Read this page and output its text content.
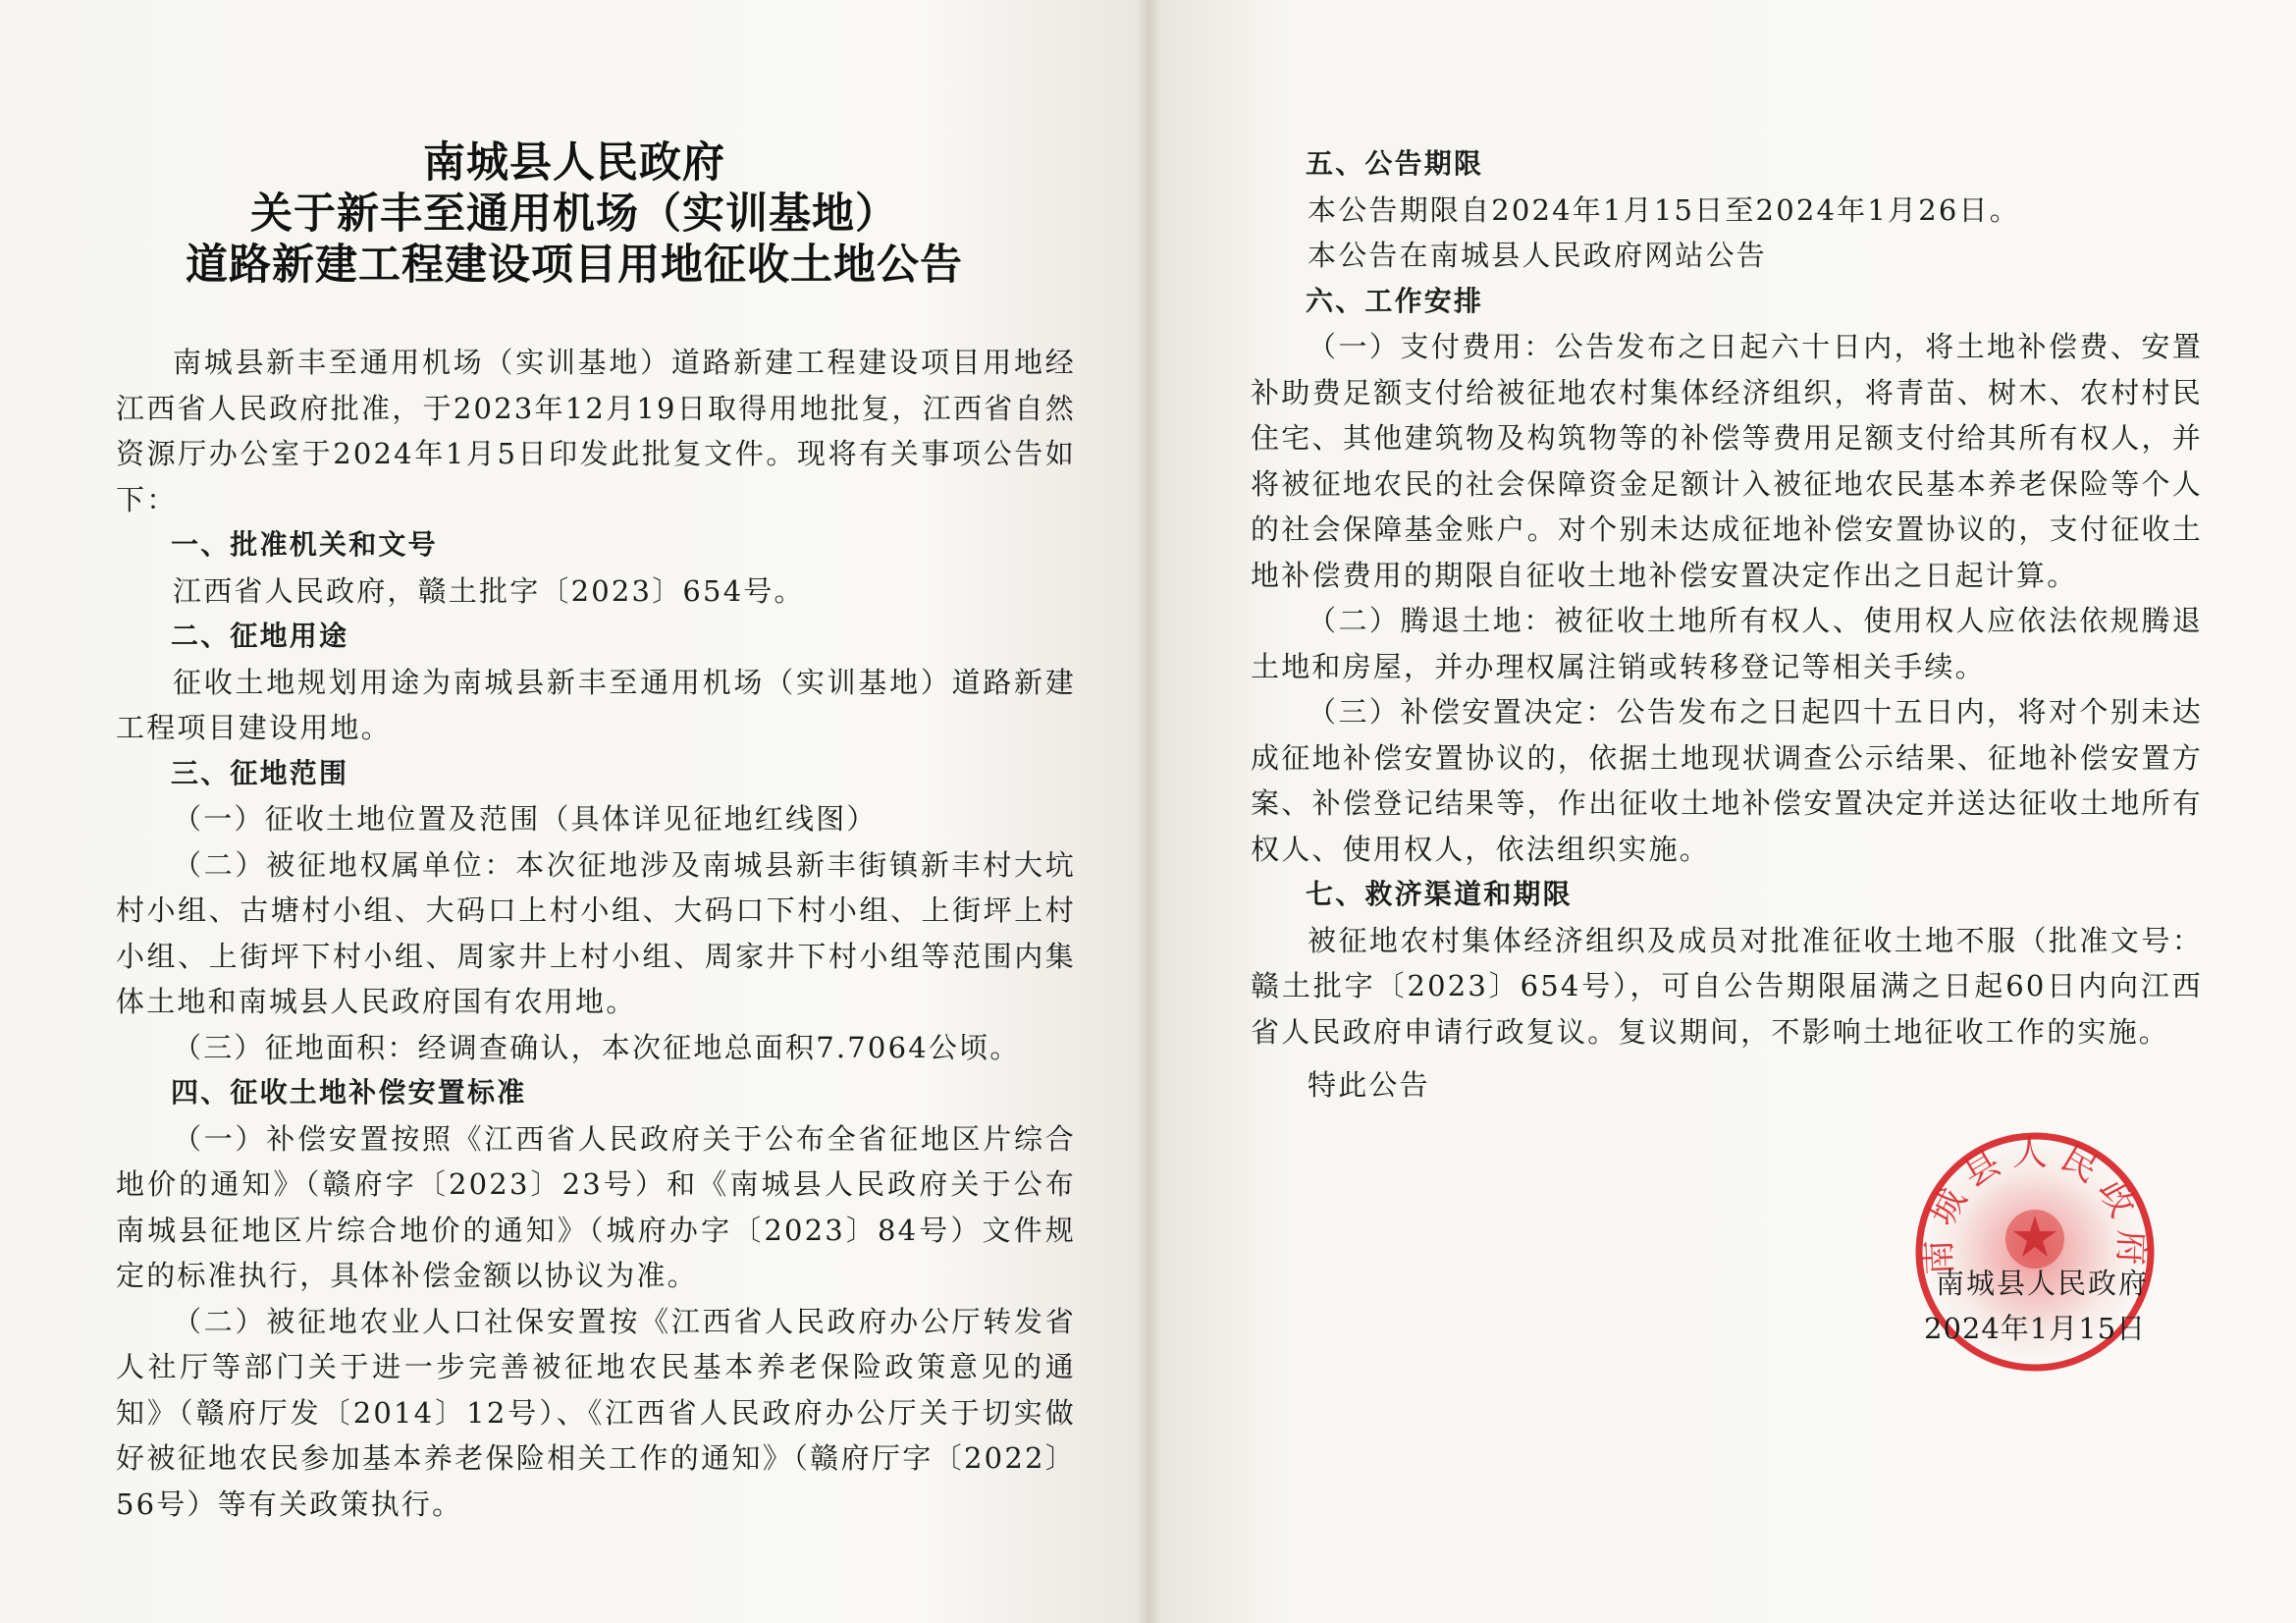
南城县人民政府
关于新丰至通用机场（实训基地）
道路新建工程建设项目用地征收土地公告

南城县新丰至通用机场（实训基地）道路新建工程建设项目用地经江西省人民政府批准，于2023年12月19日取得用地批复，江西省自然资源厅办公室于2024年1月5日印发此批复文件。现将有关事项公告如下：

一、批准机关和文号

江西省人民政府，赣土批字〔2023〕654号。

二、征地用途

征收土地规划用途为南城县新丰至通用机场（实训基地）道路新建工程项目建设用地。

三、征地范围

（一）征收土地位置及范围（具体详见征地红线图）

（二）被征地权属单位：本次征地涉及南城县新丰街镇新丰村大坑村小组、古塘村小组、大码口上村小组、大码口下村小组、上街坪上村小组、上街坪下村小组、周家井上村小组、周家井下村小组等范围内集体土地和南城县人民政府国有农用地。

（三）征地面积：经调查确认，本次征地总面积7.7064公顷。

四、征收土地补偿安置标准

（一）补偿安置按照《江西省人民政府关于公布全省征地区片综合地价的通知》（赣府字〔2023〕23号）和《南城县人民政府关于公布南城县征地区片综合地价的通知》（城府办字〔2023〕84号）文件规定的标准执行，具体补偿金额以协议为准。

（二）被征地农业人口社保安置按《江西省人民政府办公厅转发省人社厅等部门关于进一步完善被征地农民基本养老保险政策意见的通知》（赣府厅发〔2014〕12号）、《江西省人民政府办公厅关于切实做好被征地农民参加基本养老保险相关工作的通知》（赣府厅字〔2022〕56号）等有关政策执行。

五、公告期限

本公告期限自2024年1月15日至2024年1月26日。

本公告在南城县人民政府网站公告

六、工作安排

（一）支付费用：公告发布之日起六十日内，将土地补偿费、安置补助费足额支付给被征地农村集体经济组织，将青苗、树木、农村村民住宅、其他建筑物及构筑物等的补偿等费用足额支付给其所有权人，并将被征地农民的社会保障资金足额计入被征地农民基本养老保险等个人的社会保障基金账户。对个别未达成征地补偿安置协议的，支付征收土地补偿费用的期限自征收土地补偿安置决定作出之日起计算。

（二）腾退土地：被征收土地所有权人、使用权人应依法依规腾退土地和房屋，并办理权属注销或转移登记等相关手续。

（三）补偿安置决定：公告发布之日起四十五日内，将对个别未达成征地补偿安置协议的，依据土地现状调查公示结果、征地补偿安置方案、补偿登记结果等，作出征收土地补偿安置决定并送达征收土地所有权人、使用权人，依法组织实施。

七、救济渠道和期限

被征地农村集体经济组织及成员对批准征收土地不服（批准文号：赣土批字〔2023〕654号），可自公告期限届满之日起60日内向江西省人民政府申请行政复议。复议期间，不影响土地征收工作的实施。

特此公告

南城县人民政府
南城县人民政府
2024年1月15日
